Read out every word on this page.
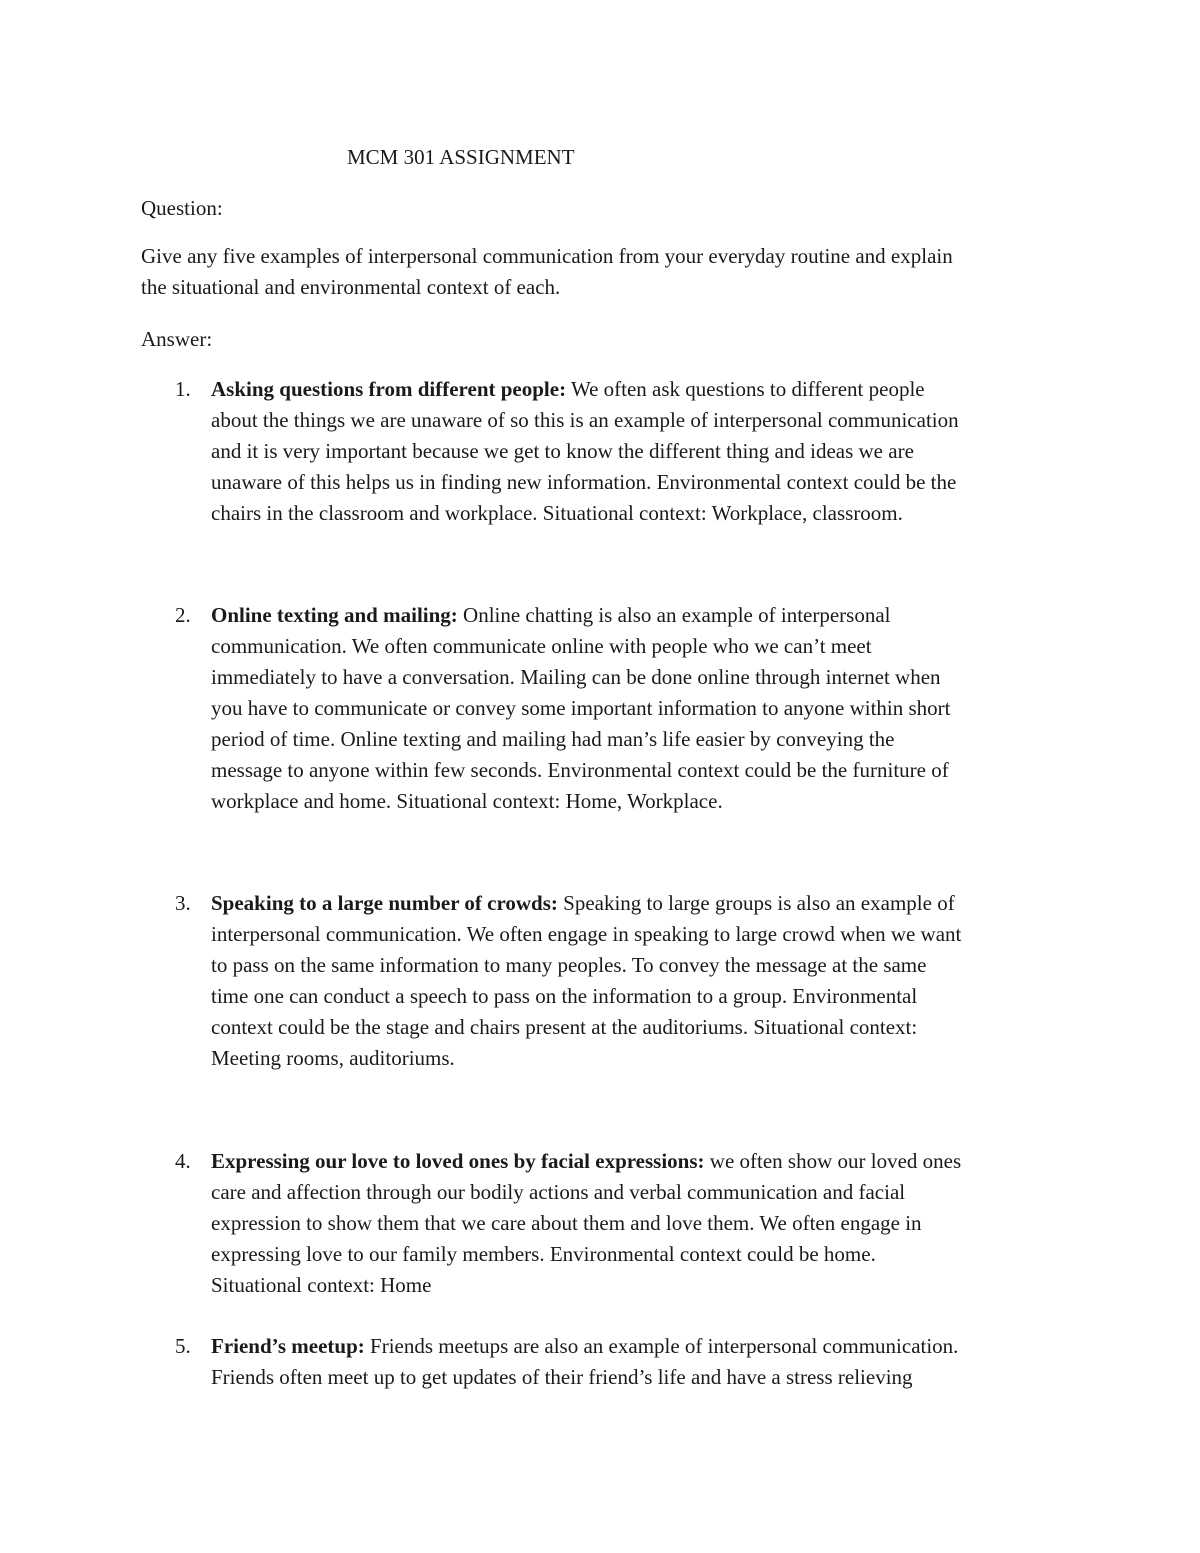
MCM 301 ASSIGNMENT
Question:
Give any five examples of interpersonal communication from your everyday routine and explain
the situational and environmental context of each.
Answer:
1. Asking questions from different people: We often ask questions to different people
about the things we are unaware of so this is an example of interpersonal communication
and it is very important because we get to know the different thing and ideas we are
unaware of this helps us in finding new information. Environmental context could be the
chairs in the classroom and workplace. Situational context: Workplace, classroom.
2. Online texting and mailing: Online chatting is also an example of interpersonal
communication. We often communicate online with people who we can’t meet
immediately to have a conversation. Mailing can be done online through internet when
you have to communicate or convey some important information to anyone within short
period of time. Online texting and mailing had man’s life easier by conveying the
message to anyone within few seconds. Environmental context could be the furniture of
workplace and home. Situational context: Home, Workplace.
3. Speaking to a large number of crowds: Speaking to large groups is also an example of
interpersonal communication. We often engage in speaking to large crowd when we want
to pass on the same information to many peoples. To convey the message at the same
time one can conduct a speech to pass on the information to a group. Environmental
context could be the stage and chairs present at the auditoriums. Situational context:
Meeting rooms, auditoriums.
4. Expressing our love to loved ones by facial expressions: we often show our loved ones
care and affection through our bodily actions and verbal communication and facial
expression to show them that we care about them and love them. We often engage in
expressing love to our family members. Environmental context could be home.
Situational context: Home
5. Friend’s meetup: Friends meetups are also an example of interpersonal communication.
Friends often meet up to get updates of their friend’s life and have a stress relieving
